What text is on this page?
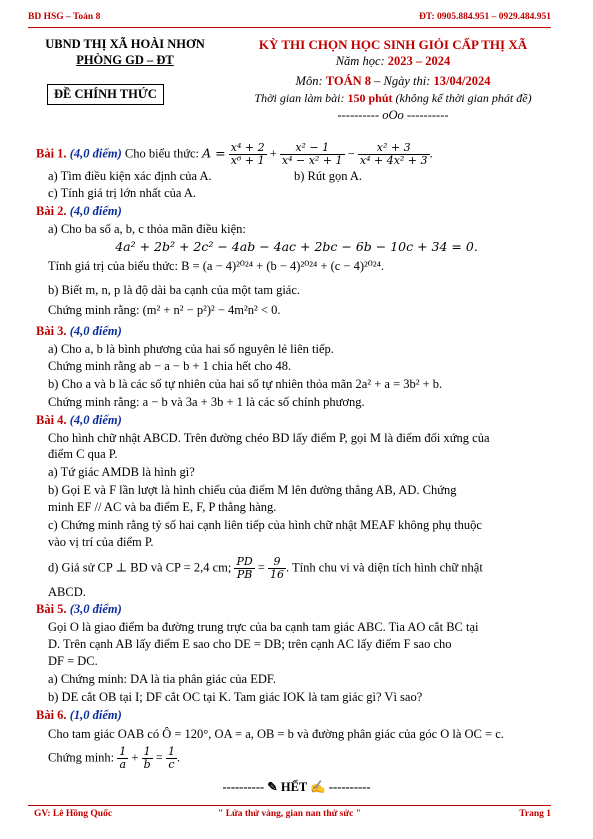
BD HSG – Toán 8	ĐT: 0905.884.951 – 0929.484.951
UBND THỊ XÃ HOÀI NHƠN
PHÒNG GD – ĐT
ĐỀ CHÍNH THỨC
KỲ THI CHỌN HỌC SINH GIỎI CẤP THỊ XÃ
Năm học: 2023 – 2024
Môn: TOÁN 8 – Ngày thi: 13/04/2024
Thời gian làm bài: 150 phút (không kể thời gian phát đề)
---------- oOo ----------
Bài 1. (4,0 điểm) Cho biểu thức: $A = \frac{\text{x⁴ + 2}}{\text{x⁶ + 1}} + \frac{\text{x² − 1}}{\text{x⁴ − x² + 1}} - \frac{\text{x² + 3}}{\text{x⁴ + 4x² + 3}}$ .
a) Tìm điều kiện xác định của A.	b) Rút gọn A.
c) Tính giá trị lớn nhất của A.
Bài 2. (4,0 điểm)
a) Cho ba số a, b, c thỏa mãn điều kiện:
4a² + 2b² + 2c² − 4ab − 4ac + 2bc − 6b − 10c + 34 = 0.
Tính giá trị của biểu thức: B = (a − 4)²⁰²⁴ + (b − 4)²⁰²⁴ + (c − 4)²⁰²⁴.
b) Biết m, n, p là độ dài ba cạnh của một tam giác.
Chứng minh rằng: (m² + n² − p²)² − 4m²n² < 0.
Bài 3. (4,0 điểm)
a) Cho a, b là bình phương của hai số nguyên lẻ liên tiếp.
Chứng minh rằng ab − a − b + 1 chia hết cho 48.
b) Cho a và b là các số tự nhiên của hai số tự nhiên thỏa mãn 2a² + a = 3b² + b.
Chứng minh rằng: a − b và 3a + 3b + 1 là các số chính phương.
Bài 4. (4,0 điểm)
Cho hình chữ nhật ABCD. Trên đường chéo BD lấy điểm P, gọi M là điểm đối xứng của
điểm C qua P.
a) Tứ giác AMDB là hình gì?
b) Gọi E và F lần lượt là hình chiếu của điểm M lên đường thẳng AB, AD. Chứng
minh EF // AC và ba điểm E, F, P thẳng hàng.
c) Chứng minh rằng tỷ số hai cạnh liên tiếp của hình chữ nhật MEAF không phụ thuộc
vào vị trí của điểm P.
d) Giả sử CP ⊥ BD và CP = 2,4 cm; $\frac{PD}{PB} = \frac{9}{16}$ . Tính chu vi và diện tích hình chữ nhật
ABCD.
Bài 5. (3,0 điểm)
Gọi O là giao điểm ba đường trung trực của ba cạnh tam giác ABC. Tia AO cắt BC tại
D. Trên cạnh AB lấy điểm E sao cho DE = DB; trên cạnh AC lấy điểm F sao cho
DF = DC.
a) Chứng minh: DA là tia phân giác của EDF.
b) DE cắt OB tại I; DF cắt OC tại K. Tam giác IOK là tam giác gì? Vì sao?
Bài 6. (1,0 điểm)
Cho tam giác OAB có Ô = 120°, OA = a, OB = b và đường phân giác của góc O là OC = c.
Chứng minh: $\frac{1}{a} + \frac{1}{b} = \frac{1}{c}$ .
---------- ✎ HẾT ✍ ----------
GV: Lê Hồng Quốc	" Lửa thử vàng, gian nan thử sức "	Trang 1
